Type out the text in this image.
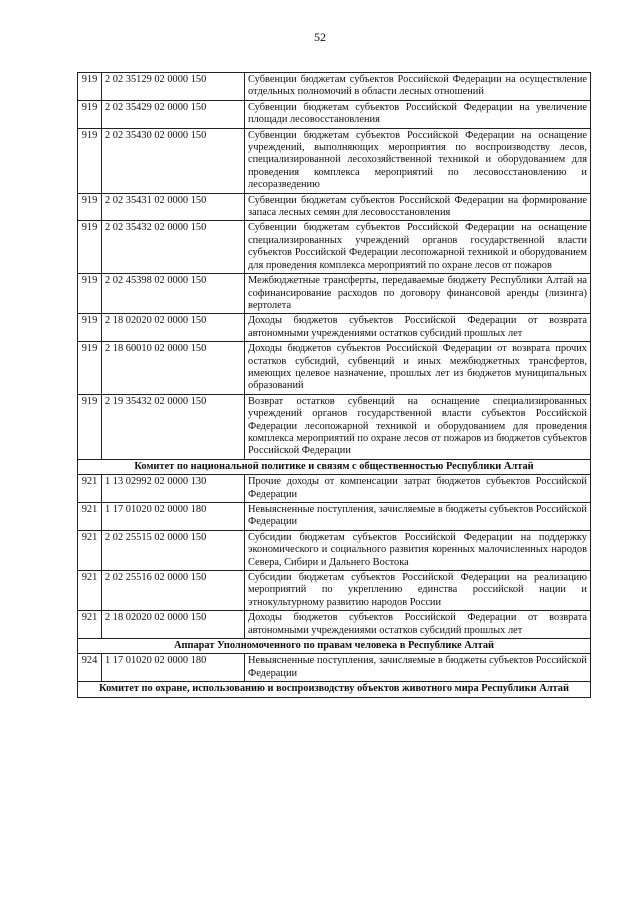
52
919	2 02 35129 02 0000 150	Субвенции бюджетам субъектов Российской Федерации на осуществление отдельных полномочий в области лесных отношений
919	2 02 35429 02 0000 150	Субвенции бюджетам субъектов Российской Федерации на увеличение площади лесовосстановления
919	2 02 35430 02 0000 150	Субвенции бюджетам субъектов Российской Федерации на оснащение учреждений, выполняющих мероприятия по воспроизводству лесов, специализированной лесохозяйственной техникой и оборудованием для проведения комплекса мероприятий по лесовосстановлению и лесоразведению
919	2 02 35431 02 0000 150	Субвенции бюджетам субъектов Российской Федерации на формирование запаса лесных семян для лесовосстановления
919	2 02 35432 02 0000 150	Субвенции бюджетам субъектов Российской Федерации на оснащение специализированных учреждений органов государственной власти субъектов Российской Федерации лесопожарной техникой и оборудованием для проведения комплекса мероприятий по охране лесов от пожаров
919	2 02 45398 02 0000 150	Межбюджетные трансферты, передаваемые бюджету Республики Алтай на софинансирование расходов по договору финансовой аренды (лизинга) вертолета
919	2 18 02020 02 0000 150	Доходы бюджетов субъектов Российской Федерации от возврата автономными учреждениями остатков субсидий прошлых лет
919	2 18 60010 02 0000 150	Доходы бюджетов субъектов Российской Федерации от возврата прочих остатков субсидий, субвенций и иных межбюджетных трансфертов, имеющих целевое назначение, прошлых лет из бюджетов муниципальных образований
919	2 19 35432 02 0000 150	Возврат остатков субвенций на оснащение специализированных учреждений органов государственной власти субъектов Российской Федерации лесопожарной техникой и оборудованием для проведения комплекса мероприятий по охране лесов от пожаров из бюджетов субъектов Российской Федерации
Комитет по национальной политике и связям с общественностью Республики Алтай		
921	1 13 02992 02 0000 130	Прочие доходы от компенсации затрат бюджетов субъектов Российской Федерации
921	1 17 01020 02 0000 180	Невыясненные поступления, зачисляемые в бюджеты субъектов Российской Федерации
921	2 02 25515 02 0000 150	Субсидии бюджетам субъектов Российской Федерации на поддержку экономического и социального развития коренных малочисленных народов Севера, Сибири и Дальнего Востока
921	2 02 25516 02 0000 150	Субсидии бюджетам субъектов Российской Федерации на реализацию мероприятий по укреплению единства российской нации и этнокультурному развитию народов России
921	2 18 02020 02 0000 150	Доходы бюджетов субъектов Российской Федерации от возврата автономными учреждениями остатков субсидий прошлых лет
Аппарат Уполномоченного по правам человека в Республике Алтай		
924	1 17 01020 02 0000 180	Невыясненные поступления, зачисляемые в бюджеты субъектов Российской Федерации
Комитет по охране, использованию и воспроизводству объектов животного мира Республики Алтай		
